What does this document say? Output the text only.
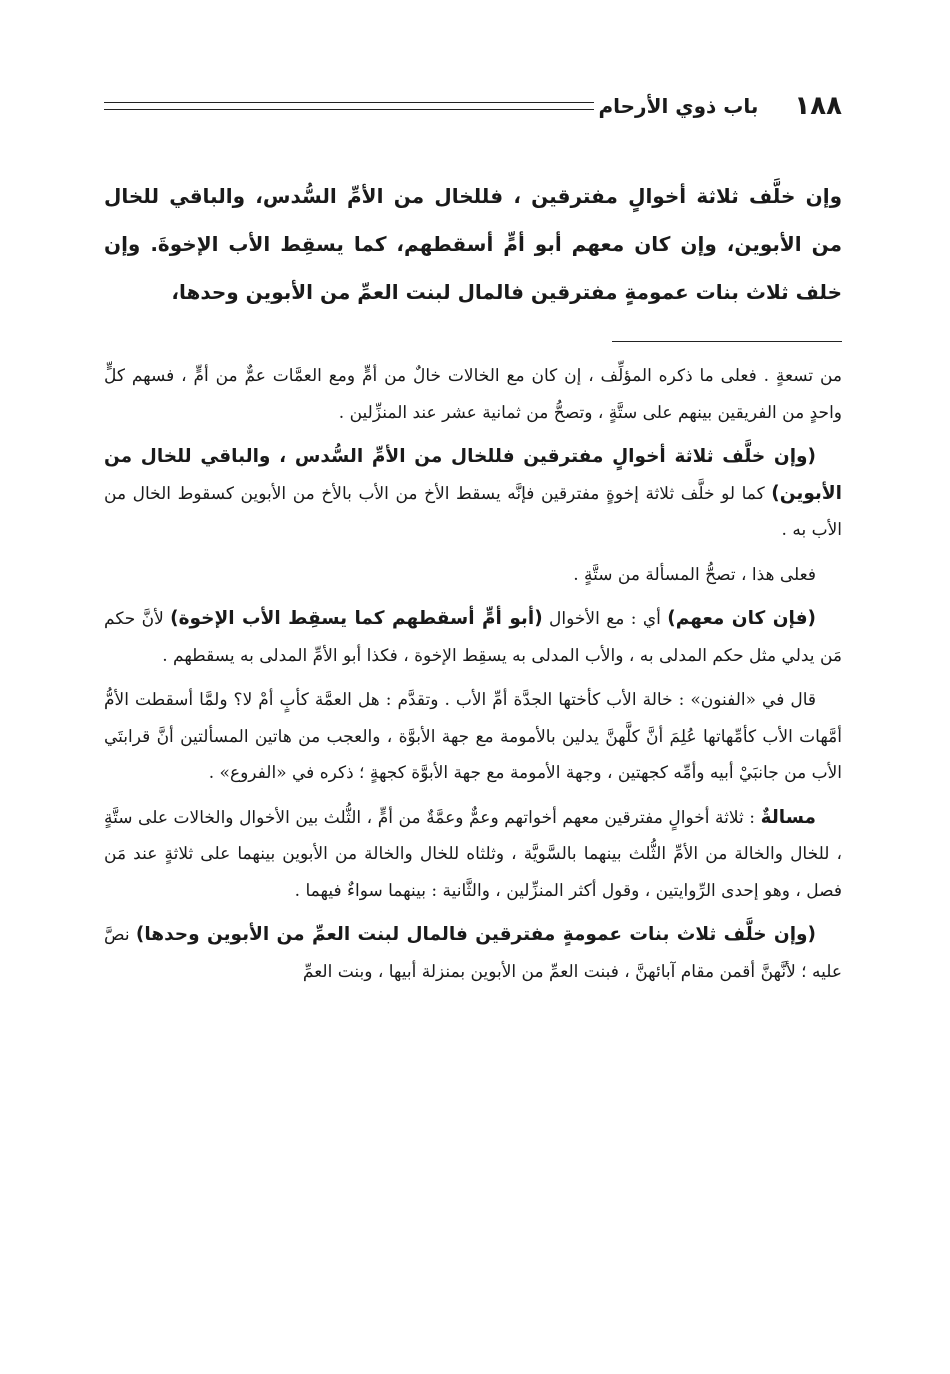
١٨٨
باب ذوي الأرحام

وإن خلَّف ثلاثة أخوالٍ مفترقين ، فللخال من الأمِّ السُّدس، والباقي للخال من الأبوين، وإن كان معهم أبو أمٍّ أسقطهم، كما يسقِط الأب الإخوةَ. وإن خلف ثلاث بنات عمومةٍ مفترقين فالمال لبنت العمِّ من الأبوين وحدها،

من تسعةٍ . فعلى ما ذكره المؤلِّف ، إن كان مع الخالات خالٌ من أمٍّ ومع العمَّات عمٌّ من أمٍّ ، فسهم كلٍّ واحدٍ من الفريقين بينهم على ستَّةٍ ، وتصحُّ من ثمانية عشر عند المنزِّلين .

(وإن خلَّف ثلاثة أخوالٍ مفترقين فللخال من الأمِّ السُّدس ، والباقي للخال من الأبوين) كما لو خلَّف ثلاثة إخوةٍ مفترقين فإنَّه يسقط الأخ من الأب بالأخ من الأبوين كسقوط الخال من الأب به .

فعلى هذا ، تصحُّ المسألة من ستَّةٍ .

(فإن كان معهم) أي : مع الأخوال (أبو أمٍّ أسقطهم كما يسقِط الأب الإخوة) لأنَّ حكم مَن يدلي مثل حكم المدلى به ، والأب المدلى به يسقِط الإخوة ، فكذا أبو الأمِّ المدلى به يسقطهم .

قال في «الفنون» : خالة الأب كأختها الجدَّة أمِّ الأب . وتقدَّم : هل العمَّة كأبٍ أمْ لا؟ ولمَّا أسقطت الأمُّ أمَّهات الأب كأمِّهاتها عُلِمَ أنَّ كلَّهنَّ يدلين بالأمومة مع جهة الأبوَّة ، والعجب من هاتين المسألتين أنَّ قرابتَي الأب من جانبَيْ أبيه وأمِّه كجهتين ، وجهة الأمومة مع جهة الأبوَّة كجهةٍ ؛ ذكره في «الفروع» .

مسالةٌ : ثلاثة أخوالٍ مفترقين معهم أخواتهم وعمٌّ وعمَّةٌ من أمٍّ ، الثُّلث بين الأخوال والخالات على ستَّةٍ ، للخال والخالة من الأمِّ الثُّلث بينهما بالسَّويَّة ، وثلثاه للخال والخالة من الأبوين بينهما على ثلاثةٍ عند مَن فصل ، وهو إحدى الرِّوايتين ، وقول أكثر المنزِّلين ، والثَّانية : بينهما سواءٌ فيهما .

(وإن خلَّف ثلاث بنات عمومةٍ مفترقين فالمال لبنت العمِّ من الأبوين وحدها) نصَّ عليه ؛ لأنَّهنَّ أقمن مقام آبائهنَّ ، فبنت العمِّ من الأبوين بمنزلة أبيها ، وبنت العمِّ
